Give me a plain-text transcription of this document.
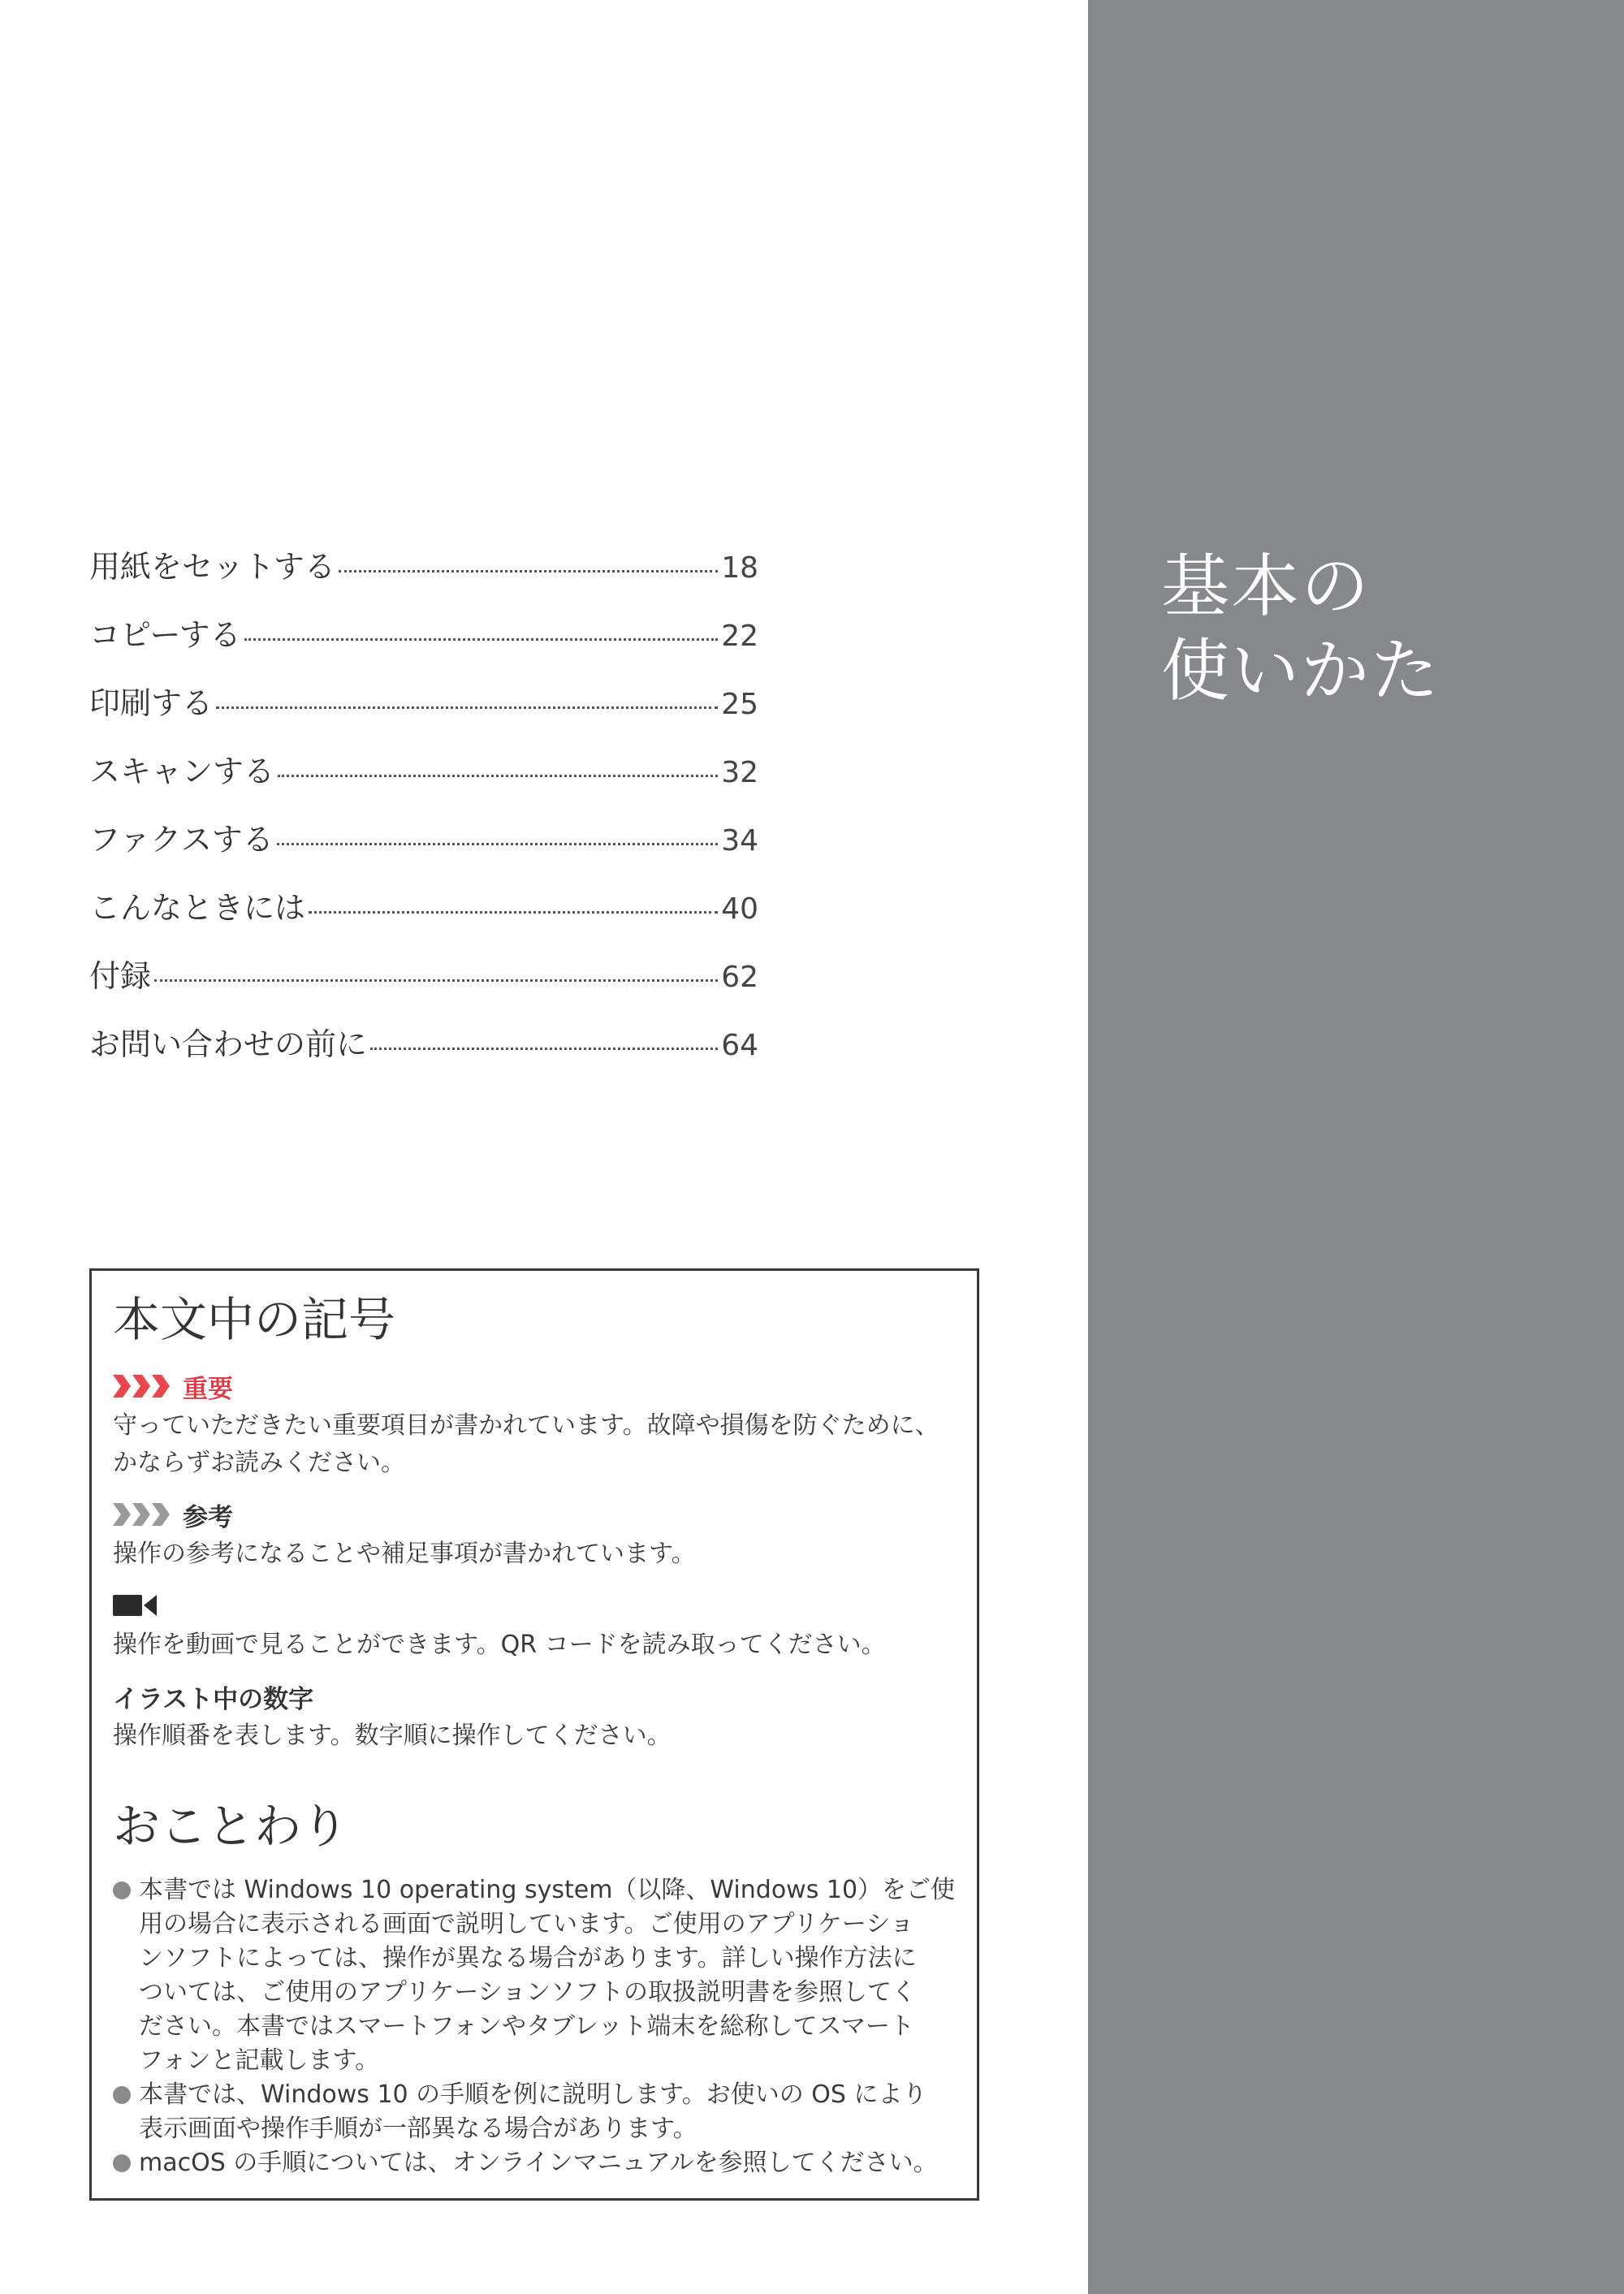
基本の
使いかた
用紙をセットする	18
コピーする	22
印刷する	25
スキャンする	32
ファクスする	34
こんなときには	40
付録	62
お問い合わせの前に	64
本文中の記号
重要

守っていただきたい重要項目が書かれています。故障や損傷を防ぐために、
かならずお読みください。

参考

操作の参考になることや補足事項が書かれています。

操作を動画で見ることができます。QR コードを読み取ってください。

イラスト中の数字

操作順番を表します。数字順に操作してください。

おことわり
本書では Windows 10 operating system（以降、Windows 10）をご使
用の場合に表示される画面で説明しています。ご使用のアプリケーショ
ンソフトによっては、操作が異なる場合があります。詳しい操作方法に
ついては、ご使用のアプリケーションソフトの取扱説明書を参照してく
ださい。本書ではスマートフォンやタブレット端末を総称してスマート
フォンと記載します。
本書では、Windows 10 の手順を例に説明します。お使いの OS により
表示画面や操作手順が一部異なる場合があります。
macOS の手順については、オンラインマニュアルを参照してください。
